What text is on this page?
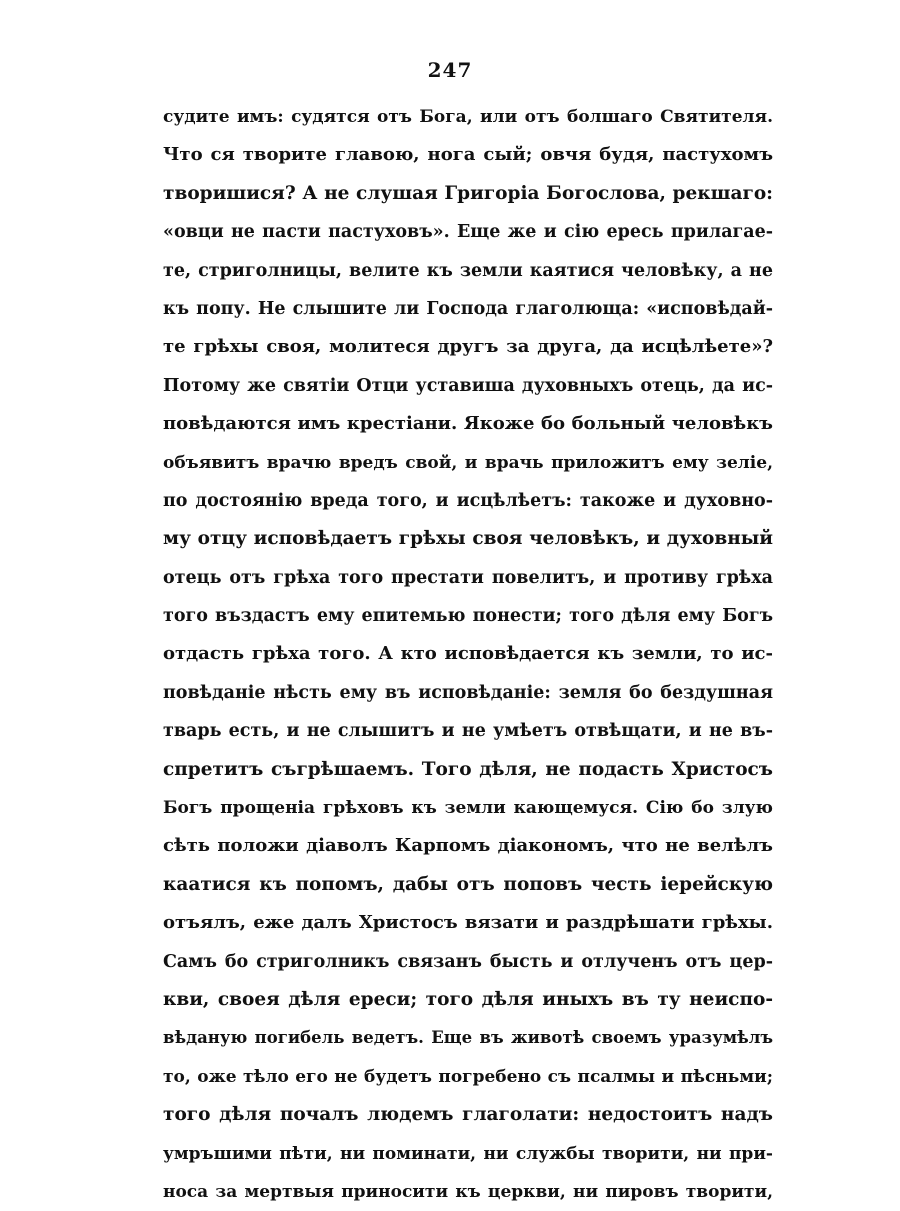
247
судите имъ: судятся отъ Бога, или отъ болшаго Святителя.
Что ся творите главою, нога сый; овчя будя, пастухомъ
творишися? А не слушая Григоріа Богослова, рекшаго:
«овци не пасти пастуховъ». Еще же и сію ересь прилагае-
те, стриголницы, велите къ земли каятися человѣку, а не
къ попу. Не слышите ли Господа глаголюща: «исповѣдай-
те грѣхы своя, молитеся другъ за друга, да исцѣлѣете»?
Потому же святіи Отци уставиша духовныхъ отець, да ис-
повѣдаются имъ крестіани. Якоже бо больный человѣкъ
объявитъ врачю вредъ свой, и врачь приложитъ ему зеліе,
по достоянію вреда того, и исцѣлѣетъ: такоже и духовно-
му отцу исповѣдаетъ грѣхы своя человѣкъ, и духовный
отець отъ грѣха того престати повелитъ, и противу грѣха
того въздастъ ему епитемью понести; того дѣля ему Богъ
отдасть грѣха того. А кто исповѣдается къ земли, то ис-
повѣданіе нѣсть ему въ исповѣданіе: земля бо бездушная
тварь есть, и не слышитъ и не умѣетъ отвѣщати, и не въ-
спретитъ съгрѣшаемъ. Того дѣля, не подасть Христосъ
Богъ прощеніа грѣховъ къ земли кающемуся. Сію бо злую
сѣть положи діаволъ Карпомъ діакономъ, что не велѣлъ
каатися къ попомъ, дабы отъ поповъ честь іерейскую
отъялъ, еже далъ Христосъ вязати и раздрѣшати грѣхы.
Самъ бо стриголникъ связанъ бысть и отлученъ отъ цер-
кви, своея дѣля ереси; того дѣля иныхъ въ ту неиспо-
вѣданую погибель ведетъ. Еще въ животѣ своемъ уразумѣлъ
то, оже тѣло его не будетъ погребено съ псалмы и пѣсньми;
того дѣля почалъ людемъ глаголати: недостоитъ надъ
умръшими пѣти, ни поминати, ни службы творити, ни при-
носа за мертвыя приносити къ церкви, ни пировъ творити,
